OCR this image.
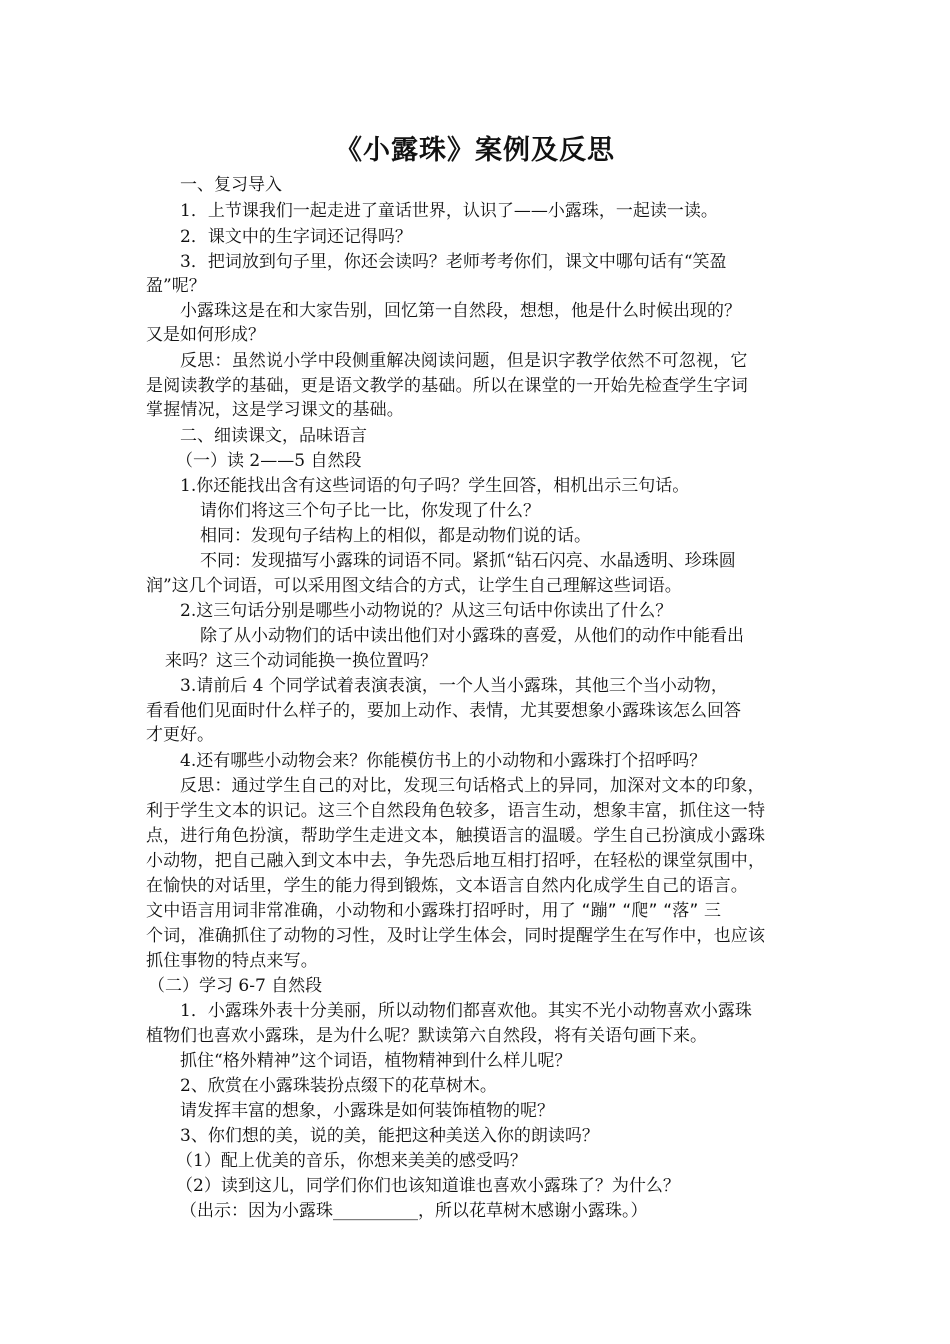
《小露珠》案例及反思
一、复习导入
1．上节课我们一起走进了童话世界，认识了——小露珠，一起读一读。
2．课文中的生字词还记得吗？
3．把词放到句子里，你还会读吗？老师考考你们，课文中哪句话有“笑盈
盈”呢？
小露珠这是在和大家告别，回忆第一自然段，想想，他是什么时候出现的？
又是如何形成？
反思：虽然说小学中段侧重解决阅读问题，但是识字教学依然不可忽视，它
是阅读教学的基础，更是语文教学的基础。所以在课堂的一开始先检查学生字词
掌握情况，这是学习课文的基础。
二、细读课文，品味语言
（一）读 2——5 自然段
1.你还能找出含有这些词语的句子吗？学生回答，相机出示三句话。
请你们将这三个句子比一比，你发现了什么？
相同：发现句子结构上的相似，都是动物们说的话。
不同：发现描写小露珠的词语不同。紧抓“钻石闪亮、水晶透明、珍珠圆
润”这几个词语，可以采用图文结合的方式，让学生自己理解这些词语。
2.这三句话分别是哪些小动物说的？从这三句话中你读出了什么？
除了从小动物们的话中读出他们对小露珠的喜爱，从他们的动作中能看出
来吗？这三个动词能换一换位置吗？
3.请前后 4 个同学试着表演表演，一个人当小露珠，其他三个当小动物，
看看他们见面时什么样子的，要加上动作、表情，尤其要想象小露珠该怎么回答
才更好。
4.还有哪些小动物会来？你能模仿书上的小动物和小露珠打个招呼吗？
反思：通过学生自己的对比，发现三句话格式上的异同，加深对文本的印象，
利于学生文本的识记。这三个自然段角色较多，语言生动，想象丰富，抓住这一特
点，进行角色扮演，帮助学生走进文本，触摸语言的温暖。学生自己扮演成小露珠
小动物，把自己融入到文本中去，争先恐后地互相打招呼，在轻松的课堂氛围中，
在愉快的对话里，学生的能力得到锻炼，文本语言自然内化成学生自己的语言。
文中语言用词非常准确，小动物和小露珠打招呼时，用了 “蹦” “爬” “落” 三
个词，准确抓住了动物的习性，及时让学生体会，同时提醒学生在写作中，也应该
抓住事物的特点来写。
（二）学习 6-7 自然段
1．小露珠外表十分美丽，所以动物们都喜欢他。其实不光小动物喜欢小露珠
植物们也喜欢小露珠，是为什么呢？默读第六自然段，将有关语句画下来。
抓住“格外精神”这个词语，植物精神到什么样儿呢？
2、欣赏在小露珠装扮点缀下的花草树木。
请发挥丰富的想象，小露珠是如何装饰植物的呢？
3、你们想的美，说的美，能把这种美送入你的朗读吗？
（1）配上优美的音乐，你想来美美的感受吗？
（2）读到这儿，同学们你们也该知道谁也喜欢小露珠了？为什么？
（出示：因为小露珠__________，所以花草树木感谢小露珠。）
